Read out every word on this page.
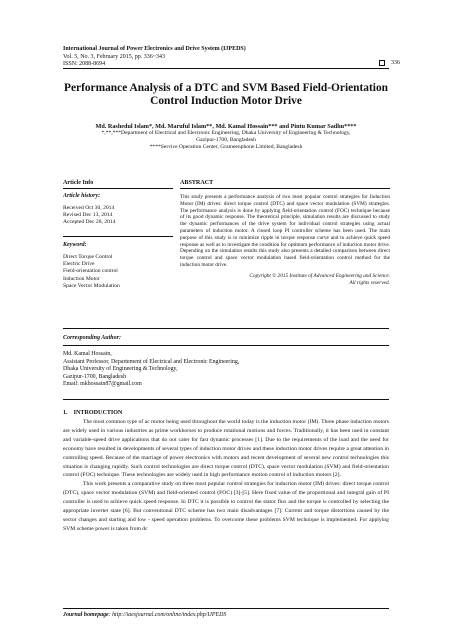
International Journal of Power Electronics and Drive System (IJPEDS)
Vol. 5, No. 3, February 2015, pp. 336~343
ISSN: 2088-8694	336
Performance Analysis of a DTC and SVM Based Field-Orientation Control Induction Motor Drive
Md. Rashedul Islam*, Md. Maruful Islam**, Md. Kamal Hossain*** and Pintu Kumar Sadhu****
*,**,***Department of Electrical and Electronic Engineering, Dhaka University of Engineering & Technology,
Gazipur-1700, Bangladesh
****Service Operation Center, Grameenphone Limited, Bangladesh
Article Info	ABSTRACT
Article history:
Received Oct 30, 2014
Revised Dec 13, 2014
Accepted Dec 28, 2014
Keyword:
Direct Torque Control
Electric Drive
Field-orientation control
Induction Motor
Space Vector Modulation
This study presents a performance analysis of two most popular control strategies for Induction Motor (IM) drives: direct torque control (DTC) and space vector modulation (SVM) strategies. The performance analysis is done by applying field-orientation control (FOC) technique because of its good dynamic response. The theoretical principle, simulation results are discussed to study the dynamic performances of the drive system for individual control strategies using actual parameters of induction motor. A closed loop PI controller scheme has been used. The main purpose of this study is to minimize ripple in torque response curve and to achieve quick speed response as well as to investigate the condition for optimum performance of induction motor drive. Depending on the simulation results this study also presents a detailed comparison between direct torque control and space vector modulation based field-orientation control method for the induction motor drive.
Copyright © 2015 Institute of Advanced Engineering and Science.
All rights reserved.
Corresponding Author:
Md. Kamal Hossain,
Assistant Professor, Departement of Electrical and Electronic Engineering,
Dhaka University of Engineering & Technology,
Gazipur-1700, Bangladesh
Email: mkhossain87@gmail.com
1.    INTRODUCTION

The most common type of ac motor being used throughout the world today is the induction motor (IM). Three phase induction motors are widely used in various industries as prime workhorses to produce rotational motions and forces. Traditionally, it has been used in constant and variable-speed drive applications that do not cater for fast dynamic processes [1]. Due to the requirements of the load and the need for economy have resulted in developments of several types of induction motor drives and these induction motor drives require a great attention in controlling speed. Because of the marriage of power electronics with motors and recent development of several new control technologies this situation is changing rapidly. Such control technologies are direct torque control (DTC), space vector modulation (SVM) and field-orientation control (FOC) technique. These technologies are widely used in high performance motion control of induction motors [2].

This work presents a comparative study on three most popular control strategies for induction motor (IM) drives: direct torque control (DTC), space vector modulation (SVM) and field-oriented control (FOC) [3]-[5]. Here fixed value of the proportional and integral gain of PI controller is used to achieve quick speed response. In DTC it is possible to control the stator flux and the torque is controlled by selecting the appropriate inverter state [6]. But conventional DTC scheme has two main disadvantages [7]: Current and torque distortions caused by the sector changes and starting and low - speed operation problems. To overcome these problems SVM technique is implemented. For applying SVM scheme power is taken from dc

Journal homepage: http://iaesjournal.com/online/index.php/IJPEDS
